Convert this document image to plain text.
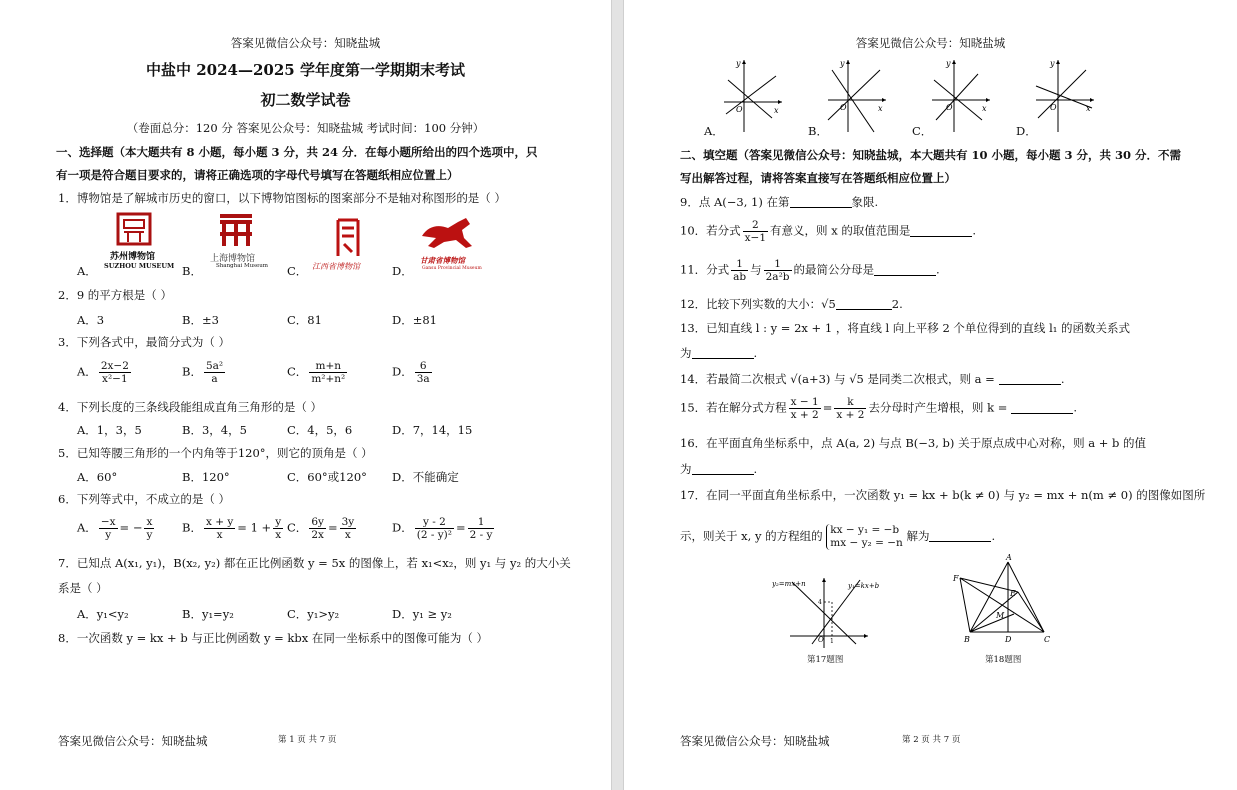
答案见微信公众号：知晓盐城
中盐中 2024—2025 学年度第一学期期末考试
初二数学试卷
（卷面总分：120 分 答案见公众号：知晓盐城 考试时间：100 分钟）
一、选择题（本大题共有 8 小题，每小题 3 分，共 24 分．在每小题所给出的四个选项中，只
有一项是符合题目要求的，请将正确选项的字母代号填写在答题纸相应位置上）
1．博物馆是了解城市历史的窗口，以下博物馆图标的图案部分不是轴对称图形的是（ ）
A．
苏州博物馆
SUZHOU MUSEUM B．
上海博物馆
Shanghai Museum C． 江西省博物馆	D．
甘肃省博物馆
Gansu Provincial Museum
2．9 的平方根是（ ）
A．3	B．±3	C．81	D．±81
3．下列各式中，最简分式为（ ）
A． $\frac{2x-2}{\text{x²−1}}$	B． $\frac{\text{5a²}}{a}$	C． $\frac{m+n}{\text{m²+n²}}$	D． $\frac{6}{3a}$
4．下列长度的三条线段能组成直角三角形的是（ ）
A．1，3，5	B．3，4，5	C．4，5，6	D．7，14，15
5．已知等腰三角形的一个内角等于120°，则它的顶角是（ ）
A．60°	B．120°	C．60°或120° D．不能确定
6．下列等式中，不成立的是（ ）
A． $\frac{-x}{y}$ = − $\frac{x}{y}$ B． $\frac{x + y}{x} = 1 + \frac{y}{x}$ C． $\frac{6y}{2x} = \frac{3y}{x}$	D． $\frac{y - 2}{\text{(2 - y)²}} = \frac{1}{2 - y}$
7．已知点 A(x₁, y₁)，B(x₂, y₂) 都在正比例函数 y = 5x 的图像上，若 x₁<x₂，则 y₁ 与 y₂ 的大小关
系是（ ）
A．y₁<y₂	B．y₁=y₂	C．y₁>y₂	D．y₁ ≥ y₂
8．一次函数 y = kx + b 与正比例函数 y = kbx 在同一坐标系中的图像可能为（ ）
答案见微信公众号：知晓盐城	第 1 页 共 7 页
答案见微信公众号：知晓盐城
x
y
O
A．
x
y
O
B．
x
y
O
C．
x
y
O
D．
二、填空题（答案见微信公众号：知晓盐城，本大题共有 10 小题，每小题 3 分，共 30 分．不需
写出解答过程，请将答案直接写在答题纸相应位置上）
9．点 A(−3, 1) 在第	象限.
10．若分式 $\frac{2}{x-1}$ 有意义，则 x 的取值范围是	.
11．分式 $\frac{1}{ab}$ 与 $\frac{1}{\text{2a²b}}$ 的最简公分母是	.
12．比较下列实数的大小：√5	2.
13．已知直线 l : y = 2x + 1 ，将直线 l 向上平移 2 个单位得到的直线 l₁ 的函数关系式
为	.
14．若最简二次根式 √(a+3) 与 √5 是同类二次根式，则 a =	.
15．若在解分式方程 $\frac{x - 1}{x + 2} = \frac{k}{x + 2}$ 去分母时产生增根，则 k =	.
16．在平面直角坐标系中，点 A(a, 2) 与点 B(−3, b) 关于原点成中心对称，则 a + b 的值
为	.
17．在同一平面直角坐标系中，一次函数 y₁ = kx + b(k ≠ 0) 与 y₂ = mx + n(m ≠ 0) 的图像如图所
示，则关于 x, y 的方程组的 kx − y₁ = −b
mx − y₂ = −n 解为	.
4
1
O
y₂=mx+n	y₁=kx+b
第17题图
A
B	C
D
E
F
M
第18题图
答案见微信公众号：知晓盐城	第 2 页 共 7 页
